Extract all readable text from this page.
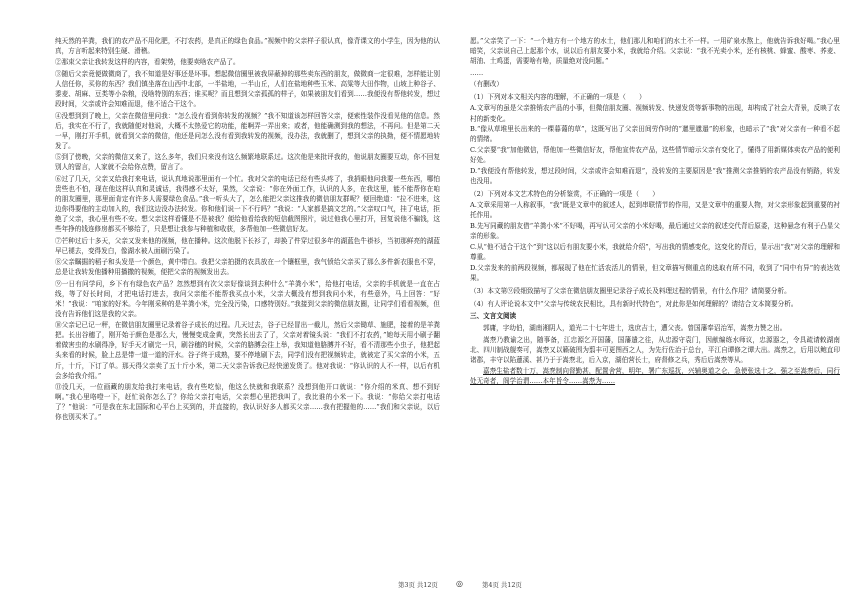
纯天然的羊粪，我们的农产品不用化肥，不打农药，是真正的绿色食品。”视频中的父亲样子很认真，像背课文的小学生，因为他的认真，方言听起来特别生硬、滑稽。

②那束父亲让我转发这样的内容，看架势，他要卖啥农产品了。

③随后父亲竟便做微商了，我不知道是好事还是坏事。想起微信圈里被我屏蔽掉的那些卖东西的朋友，做微商一定很难，怎样能让别人信任你，买你的东西？我们镇坐落在山西中北部，一半盐地，一半山丘，人们在盐地种些玉米、高粱等大田作物，山坡上种谷子、黍麦、胡麻、豆类等小杂粮，没啥特别的东西；谁买呢？而且想到父亲孤孤的样子，如果被朋友们看到……我便没有帮他转发，想过段时间，父亲或许会知难而退，他不适合干这个。

④没想到到了晚上，父亲在微信里问我：“怎么没有看到你转发的视频？”我不知道该怎样回答父亲，便索性装作没看见他的信息。然后，我实在不行了，我就随便对他说，大概不太热爱它的功能，能啊弄一弄出来；或者，他能确测到我的想法，不再问。但是第二天一早，刚打开手机，就看到父亲的微信，他还是问怎么没有看到我转发的视频，没办法，我就删了，想到父亲的执拗，便不情愿地转发了。

⑤到了傍晚，父亲的微信又来了，这么多年，我们只来没有这么频繁地联系过。这次他是来批评我的，他说朋友圈要互动，你不回复别人的留言，人家就不会给你点赞，留言了。

⑥过了几天，父亲又给我打来电话，说认真地说那里面有一个忙。我对父亲的电话已经有些头疼了，我捎眼他问我要一些东西，哪怕贵些也不怕，现在他这样认真和灵诚话，我得感不太好，果然，父亲说：“你在外面工作，认识的人多，在我这里，能不能帮你在咱的朋友圈里，那里面肯定有许多人需要绿色食品。”我一听头大了，怎么能把父亲这推我的微信朋友群呢？便回绝道：“拉不进来，这边你得要他的主动加入的，我们这边没办法转发。你和他们说一下不行吗？”我说：“人家都是搞文艺的。”父亲叹口气，挂了电话，拒绝了父亲，我心里有些不安。想父亲这样看懂是不是被我？便给他看给我的短信截图照片，说过他我心里打开，回复说他不骗钱，这些年挣的钱连修房都买不够给了，只是想让我参与种植和收获，多帮他加一些微信好友。

⑦芒种过后十多天，父亲又发来他的视频，他在播种。这次他脱下长衫了，却换了件穿过很多年的湖蓝色牛褂衫，当初那鲜亮的湖蓝早已褪去，变得发白，像湖水被人面刷污染了。

⑧父亲瞩掘的稻子和头发是一个颜色，黄中带白。我把父亲拍摄的农具放在一个镶框里，我气愤给父亲买了那么多件新衣服也不穿，总是让我转发他播种用播撒的视频，便把父亲的视频发出去。

⑨一日有问学问，乡下有有绿色农产品？忽然想到有次父亲好像谈到去种什么“羊粪小米”，给他打电话，父亲的手机就是一直在占线，等了好长时间，才把电话打进去，我问父亲能不能帮我买点小米，父亲大概没有想到我问小米，有些意外，马上回答：“好米！”我说：“咱家的好米。今年刚采种的是羊粪小米，完全没污染，口感特别好。”我接到父亲的微信朋友圈，让同学们看看视频，但没有告诉他们这是我的父亲。

⑩父亲记已记一秤，在微信朋友圈里记录着谷子成长的过程。几天过去，谷子已经冒出一截儿，然后父亲锄草、施肥，接着的是羊粪把。长出谷穗了，刚开始于颜色是那么大，慢慢变成金黄，突然长出去了了，父亲对着镜头说：“我们不打农药，”她每天用小刷子翻着做害虫的水刷得净，好手天才刷完一只，刷谷穗的时候，父亲的胳膊会往上举，我知道他胳膊并不好，看不清那些小虫子，他把起头来看的时候，脸上总是带一道一道的汗水。谷子终于成熟，要不停地刷下去，同学们没有把视频转走，就被定了买父亲的小米，五斤，十斤，下订了单。那天得父亲卖了五十斤小米，第二天父亲告诉我已经快递发货了。他对我说：“你认识的人不一样，以后有机会多给我介绍。”

⑪没几天，一位画藏的朋友给我打来电话，我有些吃惊，他这么快就和我联系？没想到他开口就说：“你介绍的米真、想不到好啊。”我心里咯噔一下，赶忙说你怎么了？你给父亲打电话，父亲想心里把我叫了，我比谁的小米一下。我说：“你给父亲打电话了？”他说：“可是我在东北国际和心平台上买到的，并直接的，我认识好多人都买父亲……我有把握他的……”我们和父亲说，以后你也别买米了。”

愿。”父亲笑了一下：“一个地方有一个地方的水土，他们那儿和咱们的水土不一样。一用矿泉水熬上，他就告诉我好喝。”我心里暗笑，父亲说自己上起那个水，说以后有朋友要小米，我就给介绍。父亲说：“我不光卖小米，还有核桃、蜂蜜、酸枣、荞麦、胡油、土鸡蛋，需要啥有啥，质量绝对没问题。”

……

（有删改）

（1）下列对本文相关内容的理解，不正确的一项是（　　）

A.文章写的虽是父亲推销农产品的小事，但微信朋友圈、视频转发、快递发货等新事物的出现，却构成了社会大背景，反映了农村的新变化。

B.“像从草堆里长出来的一棵暮蔼的草”，这既写出了父亲田间劳作时的“邋里邋遢”的形象，也暗示了“我”对父亲有一种看不起的情绪。

C.父亲要“我”加他微信，帮他加一些微信好友，帮他宣传农产品，这些情节暗示父亲有变化了，懂得了用新媒体卖农产品的便利好处。

D.“我便没有帮他转发，想过段时间，父亲或许会知难而退”，没转发的主要原因是“我”推测父亲推销的农产品没有销路，转发也没用。

（2）下列对本文艺术特色的分析鉴赏，不正确的一项是（　　）

A.文章采用第一人称叙事，“我”既是文章中的叙述人，起到串联情节的作用，又是文章中的重要人物，对父亲形象起到重要的衬托作用。

B.先写同藏的朋友借“羊粪小米”不好喝，再写认可父亲的小米好喝，最后通过父亲的叙述交代背后原委，这种悬念有利于凸显父亲的形象。

C.从“他不适合干这个”到“这以后有朋友要小米，我就给介绍”，写出我的情感变化，这变化的背后，显示出“我”对父亲的理解和尊重。

D.父亲发来的前两段视频，都展现了他在忙活农活儿的情景，但文章描写侧重点的选取有所不同，收到了“同中有异”的表达效果。

（3）本文第⑨段细致描写了父亲在微信朋友圈里记录谷子成长及料理过程的情景，有什么作用？请简要分析。

（4）有人评论说本文中“父亲与传统农民相比，具有新时代特色”，对此你是如何理解的？请结合文本简要分析。

三、文言文阅读

郭庸，字幼伯，湖南湘阴人，道光二十七年进士，选庶吉士，遭父丧。曾国藩奉诏治军，嵩焘力赞之出。

嵩焘乃教谕之出，随事备，江忠源乞开国藩，国藩遣之往，从忠源守袁门，因献编练水师议，忠源器之，令具疏请敕湖南北、四川制战舰奏可，嵩焘又以籁破围为翦丰可更图西之人，为先行佐治于总台，平江自谭修之谭大出。嵩焘之，后用以鲍直印诸郡，丰守以陷蓮溪、甚乃于于嵩焘北，后入京，湖伯营长士，府督修之兵，秀后后嵩焘等从。

嘉焘生盐者数十万，嵩焘制向督勤甚，配置舍营，明年，署广东巡抚，兴辅奥道之仑，急使张选十之，强之至嵩焘后，同行处无奇者，阁学治谓……本年旨令……嵩焘为……

第3页 共12页 ◎	第4页 共12页
